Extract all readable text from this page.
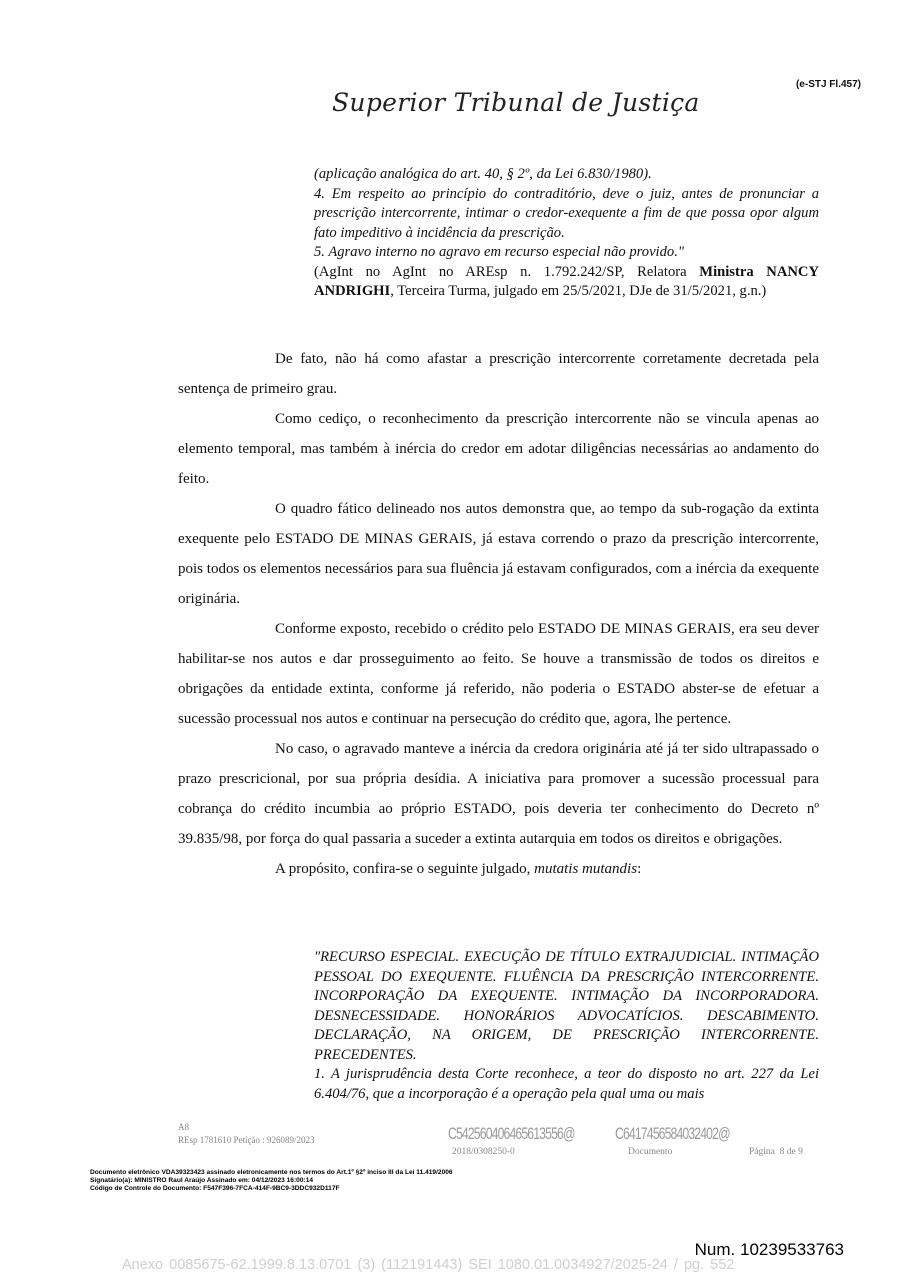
(e-STJ Fl.457)
Superior Tribunal de Justiça

(aplicação analógica do art. 40, § 2º, da Lei 6.830/1980).

4. Em respeito ao princípio do contraditório, deve o juiz, antes de pronunciar a prescrição intercorrente, intimar o credor-exequente a fim de que possa opor algum fato impeditivo à incidência da prescrição.

5. Agravo interno no agravo em recurso especial não provido."

(AgInt no AgInt no AREsp n. 1.792.242/SP, Relatora Ministra NANCY ANDRIGHI, Terceira Turma, julgado em 25/5/2021, DJe de 31/5/2021, g.n.)

De fato, não há como afastar a prescrição intercorrente corretamente decretada pela sentença de primeiro grau.

Como cediço, o reconhecimento da prescrição intercorrente não se vincula apenas ao elemento temporal, mas também à inércia do credor em adotar diligências necessárias ao andamento do feito.

O quadro fático delineado nos autos demonstra que, ao tempo da sub-rogação da extinta exequente pelo ESTADO DE MINAS GERAIS, já estava correndo o prazo da prescrição intercorrente, pois todos os elementos necessários para sua fluência já estavam configurados, com a inércia da exequente originária.

Conforme exposto, recebido o crédito pelo ESTADO DE MINAS GERAIS, era seu dever habilitar-se nos autos e dar prosseguimento ao feito. Se houve a transmissão de todos os direitos e obrigações da entidade extinta, conforme já referido, não poderia o ESTADO abster-se de efetuar a sucessão processual nos autos e continuar na persecução do crédito que, agora, lhe pertence.

No caso, o agravado manteve a inércia da credora originária até já ter sido ultrapassado o prazo prescricional, por sua própria desídia. A iniciativa para promover a sucessão processual para cobrança do crédito incumbia ao próprio ESTADO, pois deveria ter conhecimento do Decreto nº 39.835/98, por força do qual passaria a suceder a extinta autarquia em todos os direitos e obrigações.

A propósito, confira-se o seguinte julgado, mutatis mutandis:

"RECURSO ESPECIAL. EXECUÇÃO DE TÍTULO EXTRAJUDICIAL. INTIMAÇÃO PESSOAL DO EXEQUENTE. FLUÊNCIA DA PRESCRIÇÃO INTERCORRENTE. INCORPORAÇÃO DA EXEQUENTE. INTIMAÇÃO DA INCORPORADORA. DESNECESSIDADE. HONORÁRIOS ADVOCATÍCIOS. DESCABIMENTO. DECLARAÇÃO, NA ORIGEM, DE PRESCRIÇÃO INTERCORRENTE. PRECEDENTES.

1. A jurisprudência desta Corte reconhece, a teor do disposto no art. 227 da Lei 6.404/76, que a incorporação é a operação pela qual uma ou mais

A8
REsp 1781610 Petição : 926089/2023	C542560406465613556@
2018/0308250-0
C6417456584032402@
Documento	Página 8 de 9
Documento eletrônico VDA39323423 assinado eletronicamente nos termos do Art.1º §2º inciso III da Lei 11.419/2006
Signatário(a): MINISTRO Raul Araújo Assinado em: 04/12/2023 16:00:14
Código de Controle do Documento: F547F396-7FCA-414F-9BC9-3DDC932D117F
Num. 10239533763
Anexo 0085675-62.1999.8.13.0701 (3) (112191443) SEI 1080.01.0034927/2025-24 / pg. 552
